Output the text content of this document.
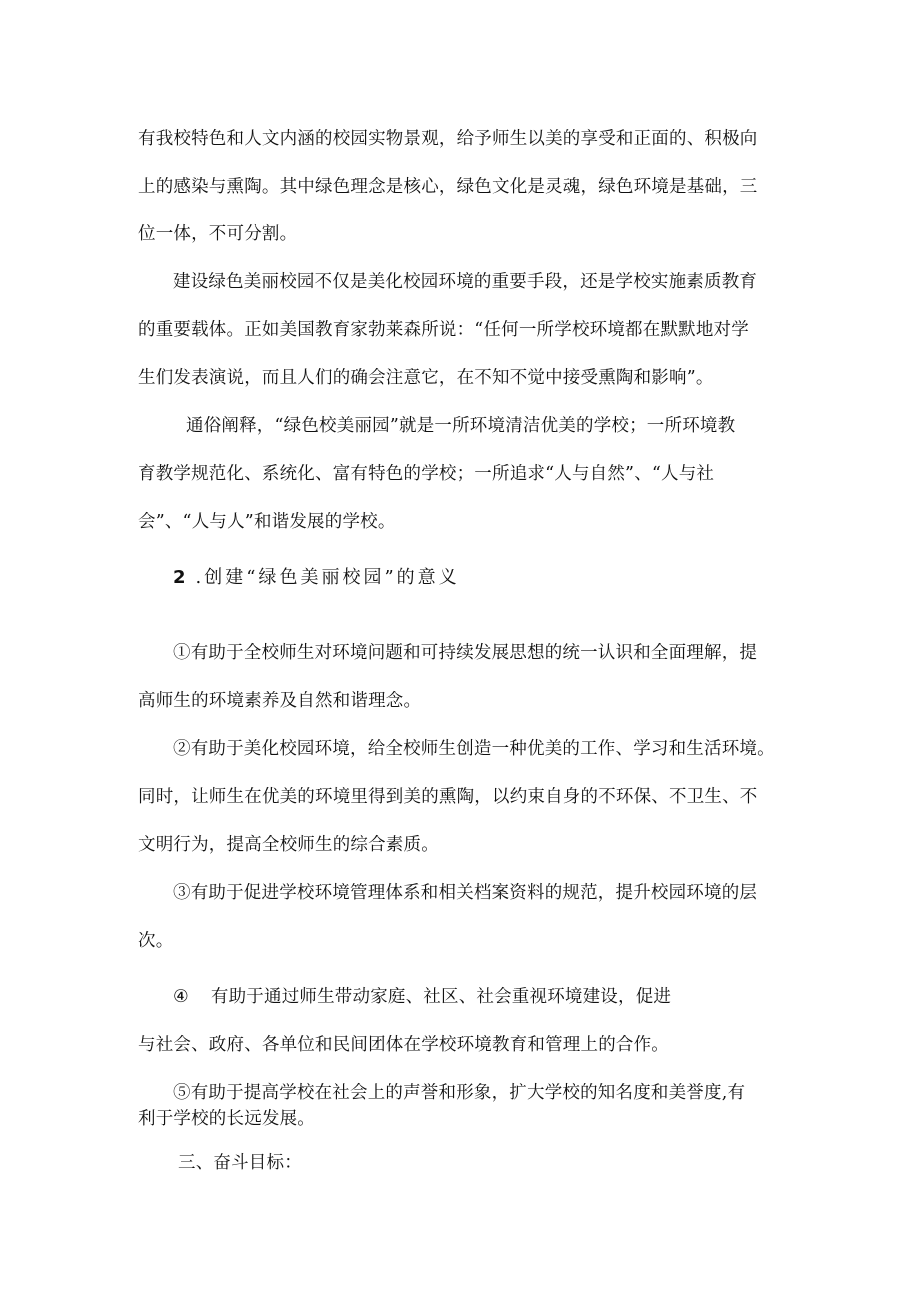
有我校特色和人文内涵的校园实物景观，给予师生以美的享受和正面的、积极向
上的感染与熏陶。其中绿色理念是核心，绿色文化是灵魂，绿色环境是基础，三
位一体，不可分割。
建设绿色美丽校园不仅是美化校园环境的重要手段，还是学校实施素质教育
的重要载体。正如美国教育家勃莱森所说：“任何一所学校环境都在默默地对学
生们发表演说，而且人们的确会注意它，在不知不觉中接受熏陶和影响”。
通俗阐释，“绿色校美丽园”就是一所环境清洁优美的学校；一所环境教
育教学规范化、系统化、富有特色的学校；一所追求“人与自然”、“人与社
会”、“人与人”和谐发展的学校。
2 .创建“绿色美丽校园”的意义
①有助于全校师生对环境问题和可持续发展思想的统一认识和全面理解，提
高师生的环境素养及自然和谐理念。
②有助于美化校园环境，给全校师生创造一种优美的工作、学习和生活环境。
同时，让师生在优美的环境里得到美的熏陶，以约束自身的不环保、不卫生、不
文明行为，提高全校师生的综合素质。
③有助于促进学校环境管理体系和相关档案资料的规范，提升校园环境的层
次。
④ 有助于通过师生带动家庭、社区、社会重视环境建设，促进
与社会、政府、各单位和民间团体在学校环境教育和管理上的合作。
⑤有助于提高学校在社会上的声誉和形象，扩大学校的知名度和美誉度,有
利于学校的长远发展。
三、奋斗目标：
